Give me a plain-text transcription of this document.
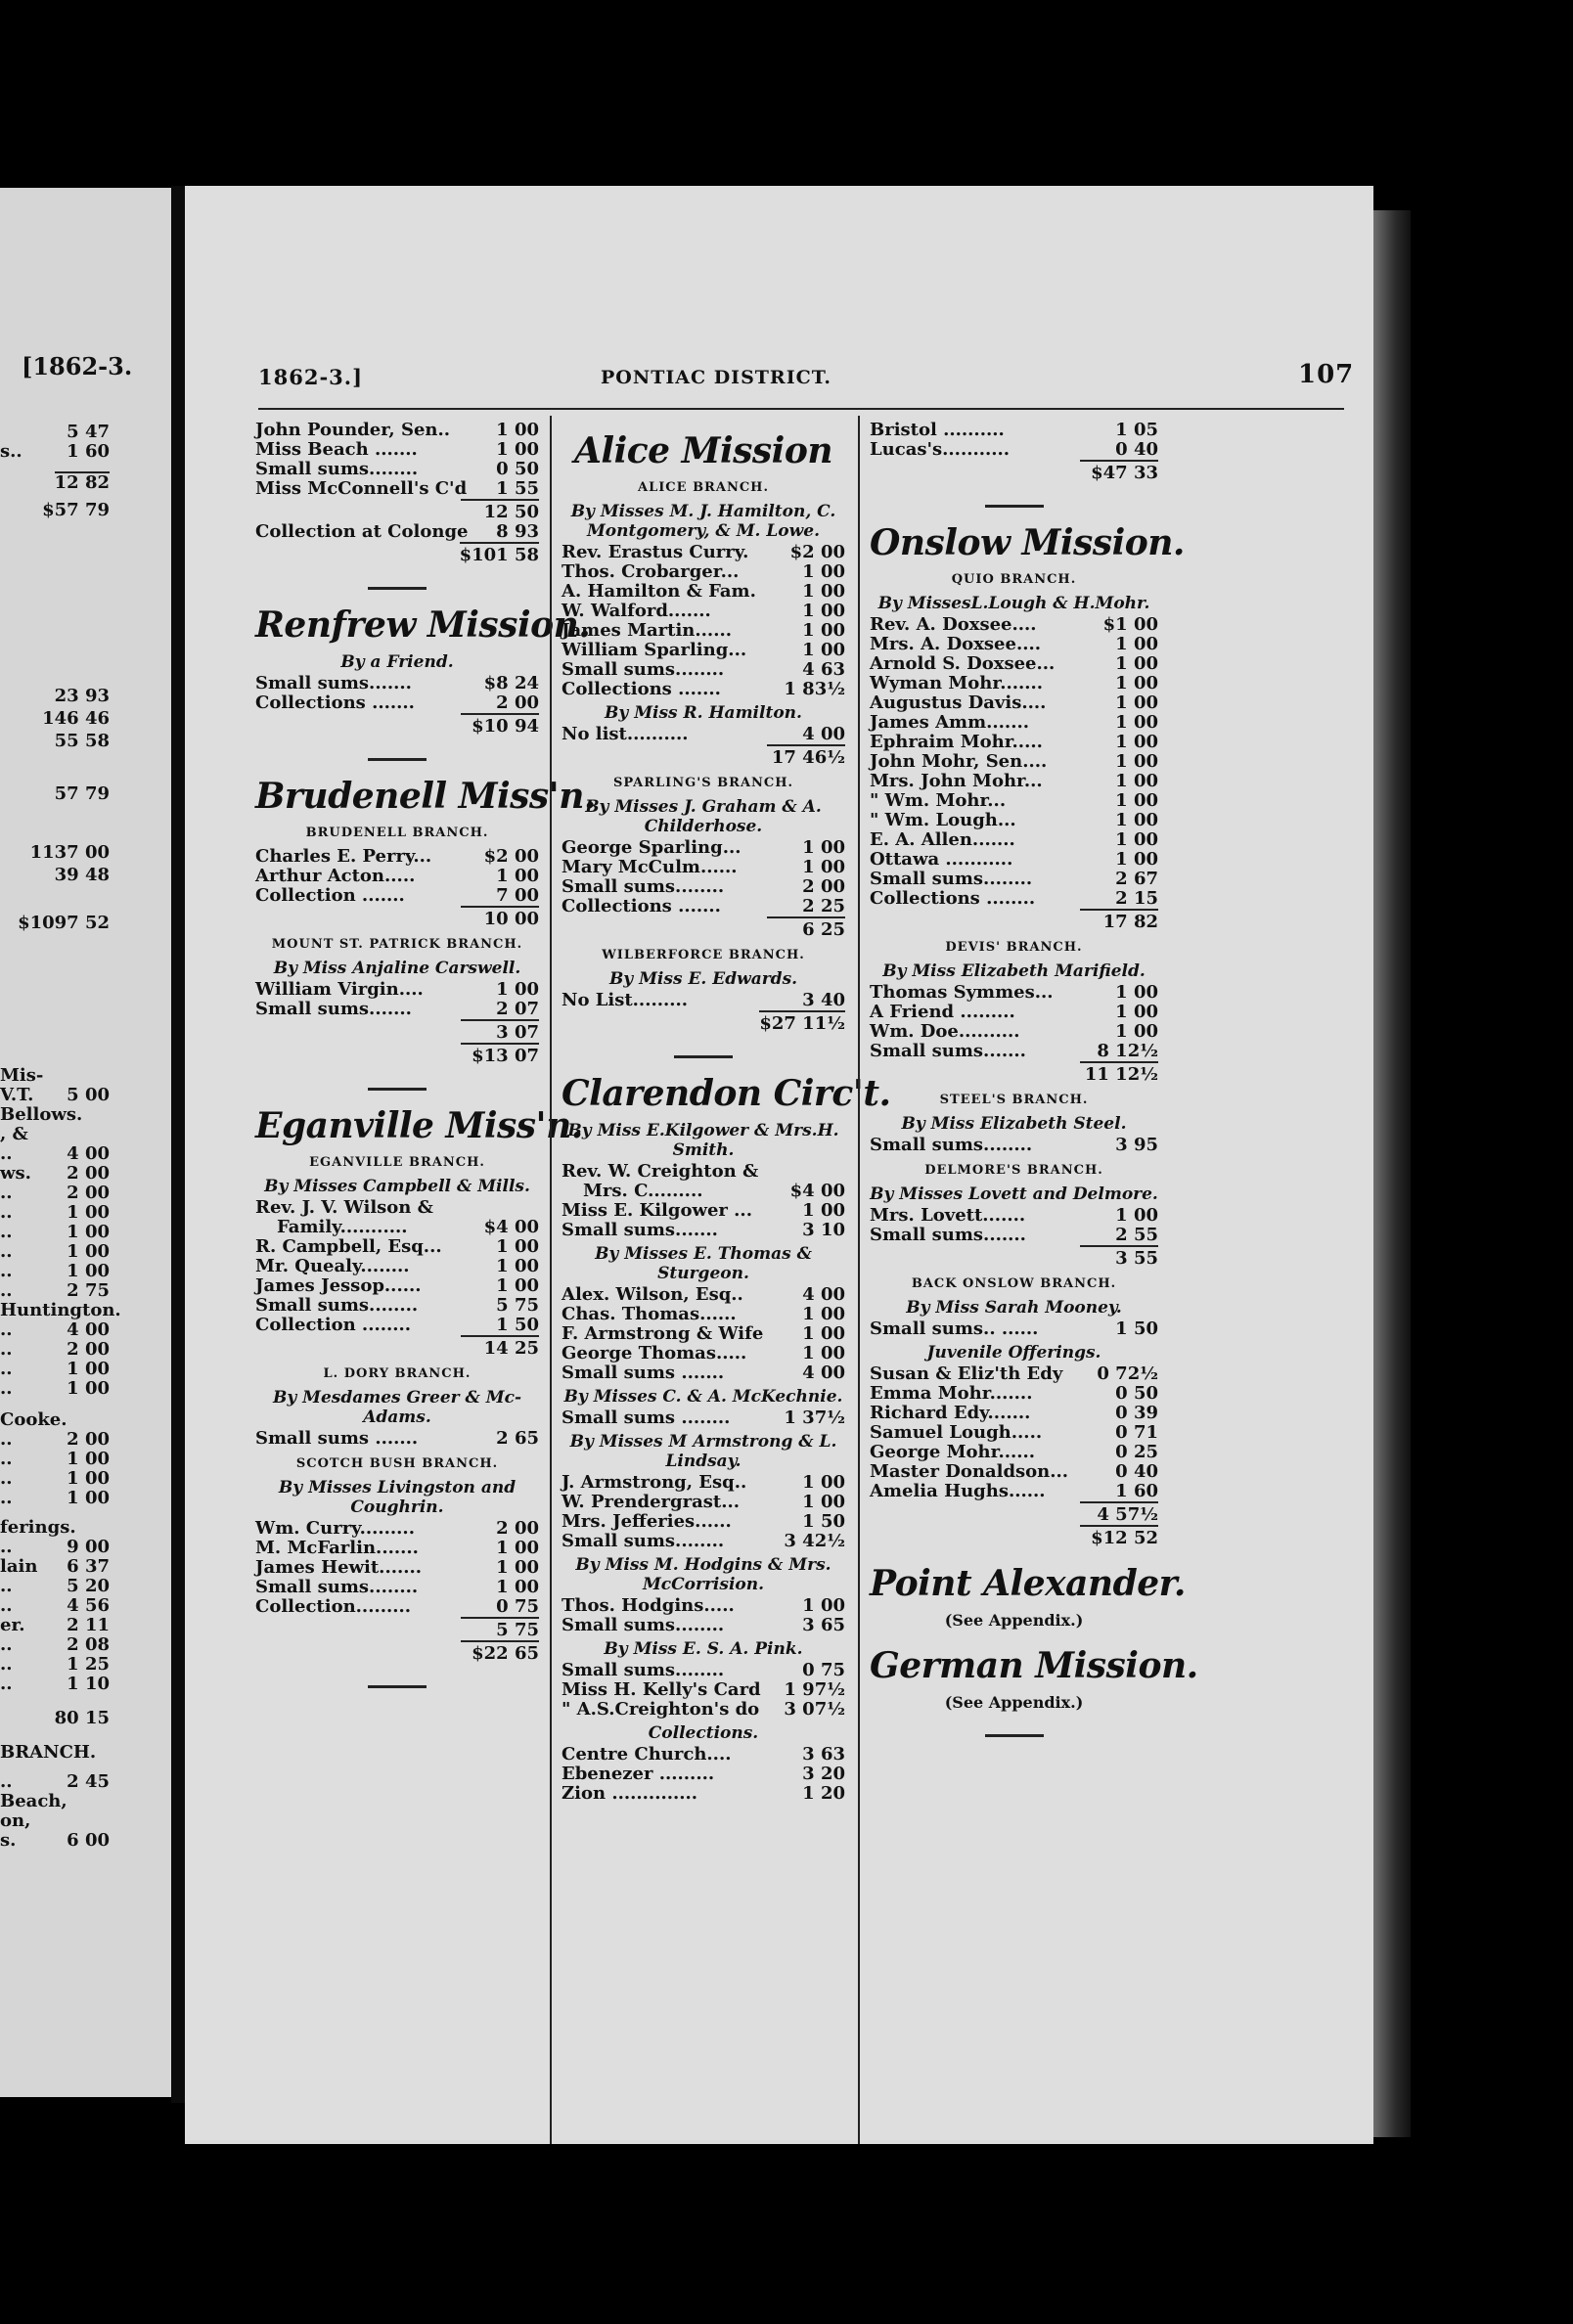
[1862-3.
5 47
s..	1 60
12 82
$57 79
23 93
146 46
55 58
57 79
1137 00
39 48
$1097 52
Mis-
V.T. 5 00
Bellows.
, &
..	4 00
ws. 2 00
..	2 00
..	1 00
..	1 00
..	1 00
..	1 00
..	2 75
Huntington.
..	4 00
..	2 00
..	1 00
..	1 00
Cooke.
..	2 00
..	1 00
..	1 00
..	1 00
ferings.
..	9 00
lain 6 37
..	5 20
..	4 56
er. 2 11
..	2 08
..	1 25
..	1 10
80 15
BRANCH.
..	2 45
Beach,
on,
s.	6 00
1862-3.]	PONTIAC DISTRICT.	107
John Pounder, Sen..	1 00
Miss Beach .......	1 00
Small sums........	0 50
Miss McConnell's C'd	1 55
12 50
Collection at Colonge	8 93
$101 58
Renfrew Mission.
By a Friend.
Small sums.......	$8 24
Collections .......	2 00
$10 94
Brudenell Miss'n.
BRUDENELL BRANCH.
Charles E. Perry...	$2 00
Arthur Acton.....	1 00
Collection .......	7 00
10 00
MOUNT ST. PATRICK BRANCH.
By Miss Anjaline Carswell.
William Virgin....	1 00
Small sums.......	2 07
3 07
$13 07
Eganville Miss'n.
EGANVILLE BRANCH.
By Misses Campbell & Mills.
Rev. J. V. Wilson &
Family...........	$4 00
R. Campbell, Esq...	1 00
Mr. Quealy........	1 00
James Jessop......	1 00
Small sums........	5 75
Collection ........	1 50
14 25
L. DORY BRANCH.
By Mesdames Greer & Mc- Adams.
Small sums .......	2 65
SCOTCH BUSH BRANCH.
By Misses Livingston and Coughrin.
Wm. Curry.........	2 00
M. McFarlin.......	1 00
James Hewit.......	1 00
Small sums........	1 00
Collection.........	0 75
5 75
$22 65
Alice Mission
ALICE BRANCH.
By Misses M. J. Hamilton, C. Montgomery, & M. Lowe.
Rev. Erastus Curry. $2 00
Thos. Crobarger...	1 00
A. Hamilton & Fam.	1 00
W. Walford.......	1 00
James Martin......	1 00
William Sparling...	1 00
Small sums........	4 63
Collections .......	1 83½
By Miss R. Hamilton.
No list..........	4 00
17 46½
SPARLING'S BRANCH.
By Misses J. Graham & A. Childerhose.
George Sparling...	1 00
Mary McCulm......	1 00
Small sums........	2 00
Collections .......	2 25
6 25
WILBERFORCE BRANCH.
By Miss E. Edwards.
No List.........	3 40
$27 11½
Clarendon Circ't.
By Miss E.Kilgower & Mrs.H. Smith.
Rev. W. Creighton &
Mrs. C.........	$4 00
Miss E. Kilgower ...	1 00
Small sums.......	3 10
By Misses E. Thomas & Sturgeon.
Alex. Wilson, Esq..	4 00
Chas. Thomas......	1 00
F. Armstrong & Wife	1 00
George Thomas.....	1 00
Small sums .......	4 00
By Misses C. & A. McKechnie.
Small sums ........	1 37½
By Misses M Armstrong & L. Lindsay.
J. Armstrong, Esq..	1 00
W. Prendergrast...	1 00
Mrs. Jefferies......	1 50
Small sums........	3 42½
By Miss M. Hodgins & Mrs. McCorrision.
Thos. Hodgins.....	1 00
Small sums........	3 65
By Miss E. S. A. Pink.
Small sums........	0 75
Miss H. Kelly's Card 1 97½
" A.S.Creighton's do 3 07½
Collections.
Centre Church....	3 63
Ebenezer .........	3 20
Zion ..............	1 20
Bristol ..........	1 05
Lucas's...........	0 40
$47 33
Onslow Mission.
QUIO BRANCH.
By MissesL.Lough & H.Mohr.
Rev. A. Doxsee....	$1 00
Mrs. A. Doxsee....	1 00
Arnold S. Doxsee...	1 00
Wyman Mohr.......	1 00
Augustus Davis....	1 00
James Amm.......	1 00
Ephraim Mohr.....	1 00
John Mohr, Sen....	1 00
Mrs. John Mohr...	1 00
" Wm. Mohr...	1 00
" Wm. Lough...	1 00
E. A. Allen.......	1 00
Ottawa ...........	1 00
Small sums........	2 67
Collections ........	2 15
17 82
DEVIS' BRANCH.
By Miss Elizabeth Marifield.
Thomas Symmes...	1 00
A Friend .........	1 00
Wm. Doe..........	1 00
Small sums.......	8 12½
11 12½
STEEL'S BRANCH.
By Miss Elizabeth Steel.
Small sums........	3 95
DELMORE'S BRANCH.
By Misses Lovett and Delmore.
Mrs. Lovett.......	1 00
Small sums.......	2 55
3 55
BACK ONSLOW BRANCH.
By Miss Sarah Mooney.
Small sums.. ......	1 50
Juvenile Offerings.
Susan & Eliz'th Edy 0 72½
Emma Mohr.......	0 50
Richard Edy.......	0 39
Samuel Lough.....	0 71
George Mohr......	0 25
Master Donaldson...	0 40
Amelia Hughs......	1 60
4 57½
$12 52
Point Alexander.
(See Appendix.)
German Mission.
(See Appendix.)
